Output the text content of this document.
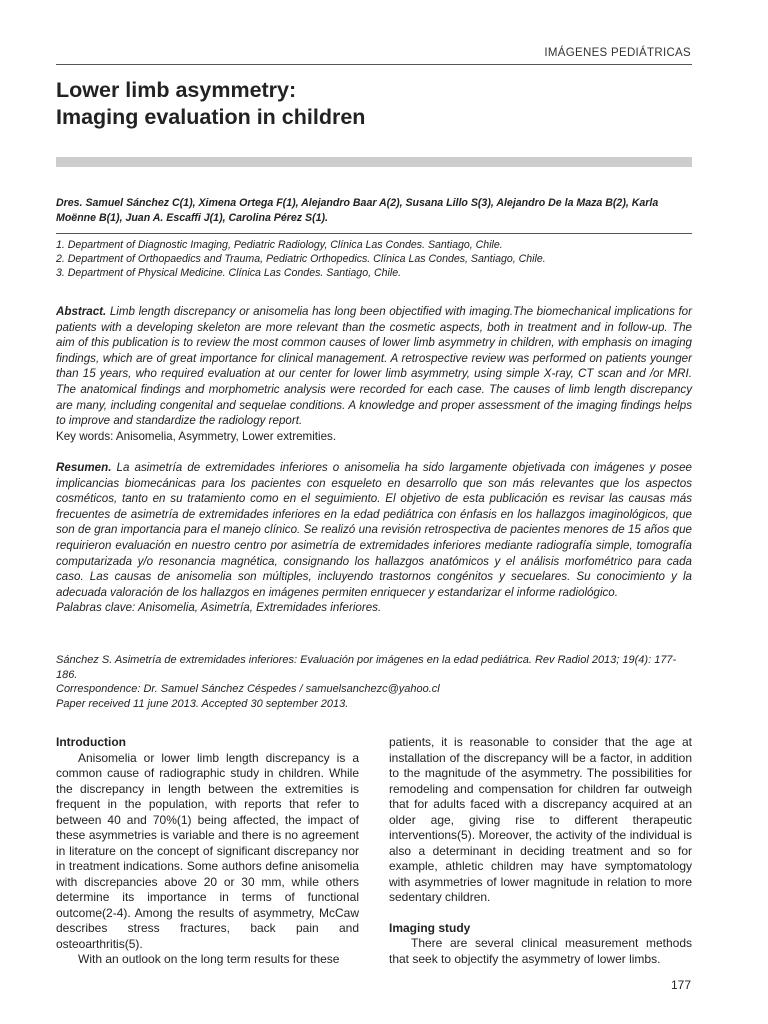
IMÁGENES PEDIÁTRICAS
Lower limb asymmetry:
Imaging evaluation in children
Dres. Samuel Sánchez C(1), Ximena Ortega F(1), Alejandro Baar A(2), Susana Lillo S(3), Alejandro De la Maza B(2), Karla Moënne B(1), Juan A. Escaffi J(1), Carolina Pérez S(1).
1. Department of Diagnostic Imaging, Pediatric Radiology, Clínica Las Condes. Santiago, Chile.
2. Department of Orthopaedics and Trauma, Pediatric Orthopedics. Clínica Las Condes, Santiago, Chile.
3. Department of Physical Medicine. Clínica Las Condes. Santiago, Chile.

Abstract. Limb length discrepancy or anisomelia has long been objectified with imaging.The biomechanical implications for patients with a developing skeleton are more relevant than the cosmetic aspects, both in treatment and in follow-up. The aim of this publication is to review the most common causes of lower limb asymmetry in children, with emphasis on imaging findings, which are of great importance for clinical management. A retrospective review was performed on patients younger than 15 years, who required evaluation at our center for lower limb asymmetry, using simple X-ray, CT scan and /or MRI. The anatomical findings and morphometric analysis were recorded for each case. The causes of limb length discrepancy are many, including congenital and sequelae conditions. A knowledge and proper assessment of the imaging findings helps to improve and standardize the radiology report.
Key words: Anisomelia, Asymmetry, Lower extremities.

Resumen. La asimetría de extremidades inferiores o anisomelia ha sido largamente objetivada con imágenes y posee implicancias biomecánicas para los pacientes con esqueleto en desarrollo que son más relevantes que los aspectos cosméticos, tanto en su tratamiento como en el seguimiento. El objetivo de esta publicación es revisar las causas más frecuentes de asimetría de extremidades inferiores en la edad pediátrica con énfasis en los hallazgos imaginológicos, que son de gran importancia para el manejo clínico. Se realizó una revisión retrospectiva de pacientes menores de 15 años que requirieron evaluación en nuestro centro por asimetría de extremidades inferiores mediante radiografía simple, tomografía computarizada y/o resonancia magnética, consignando los hallazgos anatómicos y el análisis morfométrico para cada caso. Las causas de anisomelia son múltiples, incluyendo trastornos congénitos y secuelares. Su conocimiento y la adecuada valoración de los hallazgos en imágenes permiten enriquecer y estandarizar el informe radiológico.
Palabras clave: Anisomelia, Asimetría, Extremidades inferiores.

Sánchez S. Asimetría de extremidades inferiores: Evaluación por imágenes en la edad pediátrica. Rev Radiol 2013; 19(4): 177-186.
Correspondence: Dr. Samuel Sánchez Céspedes / samuelsanchezc@yahoo.cl
Paper received 11 june 2013. Accepted 30 september 2013.
Introduction

Anisomelia or lower limb length discrepancy is a common cause of radiographic study in children. While the discrepancy in length between the extremities is frequent in the population, with reports that refer to between 40 and 70%(1) being affected, the impact of these asymmetries is variable and there is no agreement in literature on the concept of significant discrepancy nor in treatment indications. Some authors define anisomelia with discrepancies above 20 or 30 mm, while others determine its importance in terms of functional outcome(2-4). Among the results of asymmetry, McCaw describes stress fractures, back pain and osteoarthritis(5).

With an outlook on the long term results for these

patients, it is reasonable to consider that the age at installation of the discrepancy will be a factor, in addition to the magnitude of the asymmetry. The possibilities for remodeling and compensation for children far outweigh that for adults faced with a discrepancy acquired at an older age, giving rise to different therapeutic interventions(5). Moreover, the activity of the individual is also a determinant in deciding treatment and so for example, athletic children may have symptomatology with asymmetries of lower magnitude in relation to more sedentary children.

Imaging study

There are several clinical measurement methods that seek to objectify the asymmetry of lower limbs.

177
